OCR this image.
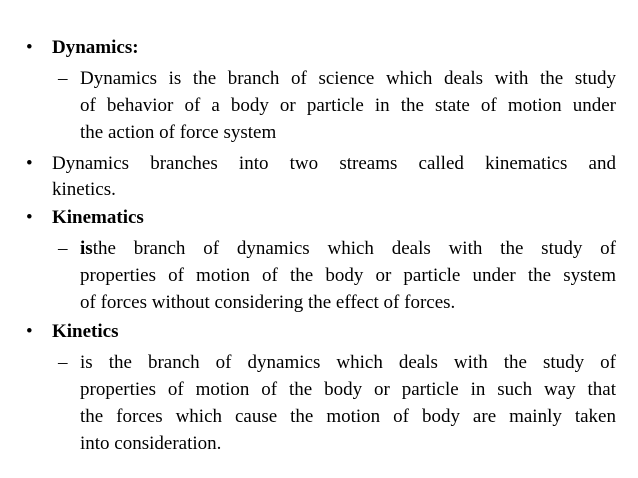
• Dynamics:
– Dynamics is the branch of science which deals with the study
of behavior of a body or particle in the state of motion under
the action of force system
• Dynamics branches into two streams called kinematics and
kinetics.
• Kinematics
– is the branch of dynamics which deals with the study of
properties of motion of the body or particle under the system
of forces without considering the effect of forces.
• Kinetics
– is the branch of dynamics which deals with the study of
properties of motion of the body or particle in such way that
the forces which cause the motion of body are mainly taken
into consideration.
